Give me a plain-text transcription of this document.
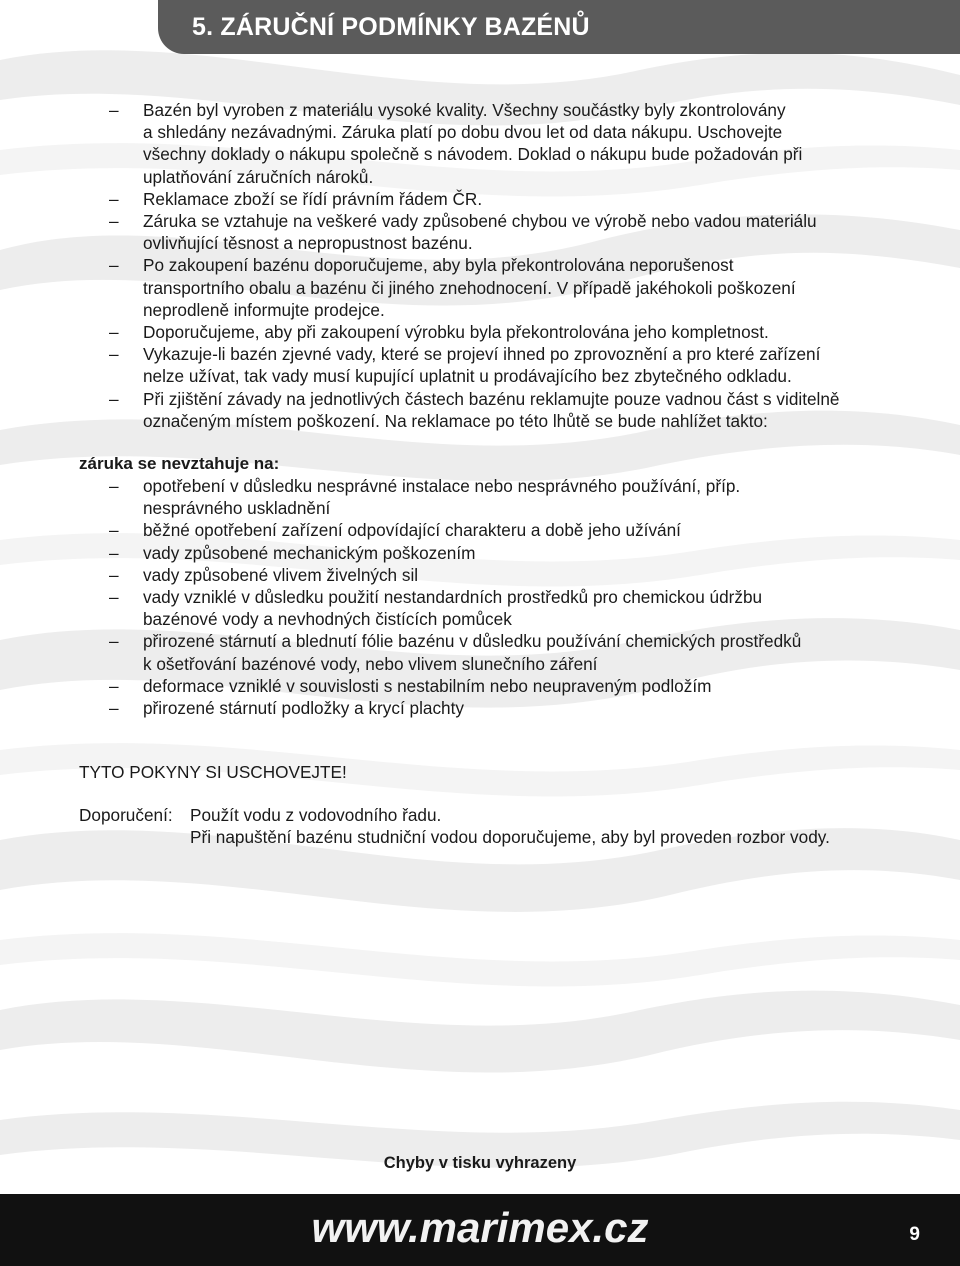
5. ZÁRUČNÍ PODMÍNKY BAZÉNŮ
– Bazén byl vyroben z materiálu vysoké kvality. Všechny součástky byly zkontrolovány
a shledány nezávadnými. Záruka platí po dobu dvou let od data nákupu. Uschovejte
všechny doklady o nákupu společně s návodem. Doklad o nákupu bude požadován při
uplatňování záručních nároků.
– Reklamace zboží se řídí právním řádem ČR.
– Záruka se vztahuje na veškeré vady způsobené chybou ve výrobě nebo vadou materiálu
ovlivňující těsnost a nepropustnost bazénu.
– Po zakoupení bazénu doporučujeme, aby byla překontrolována neporušenost
transportního obalu a bazénu či jiného znehodnocení. V případě jakéhokoli poškození
neprodleně informujte prodejce.
– Doporučujeme, aby při zakoupení výrobku byla překontrolována jeho kompletnost.
– Vykazuje-li bazén zjevné vady, které se projeví ihned po zprovoznění a pro které zařízení
nelze užívat, tak vady musí kupující uplatnit u prodávajícího bez zbytečného odkladu.
– Při zjištění závady na jednotlivých částech bazénu reklamujte pouze vadnou část s viditelně
označeným místem poškození. Na reklamace po této lhůtě se bude nahlížet takto:
záruka se nevztahuje na:
– opotřebení v důsledku nesprávné instalace nebo nesprávného používání, příp.
nesprávného uskladnění
– běžné opotřebení zařízení odpovídající charakteru a době jeho užívání
– vady způsobené mechanickým poškozením
– vady způsobené vlivem živelných sil
– vady vzniklé v důsledku použití nestandardních prostředků pro chemickou údržbu
bazénové vody a nevhodných čistících pomůcek
– přirozené stárnutí a blednutí fólie bazénu v důsledku používání chemických prostředků
k ošetřování bazénové vody, nebo vlivem slunečního záření
– deformace vzniklé v souvislosti s nestabilním nebo neupraveným podložím
– přirozené stárnutí podložky a krycí plachty

TYTO POKYNY SI USCHOVEJTE!

Doporučení: Použít vodu z vodovodního řadu.
Při napuštění bazénu studniční vodou doporučujeme, aby byl proveden rozbor vody.

Chyby v tisku vyhrazeny

www.marimex.cz	9
